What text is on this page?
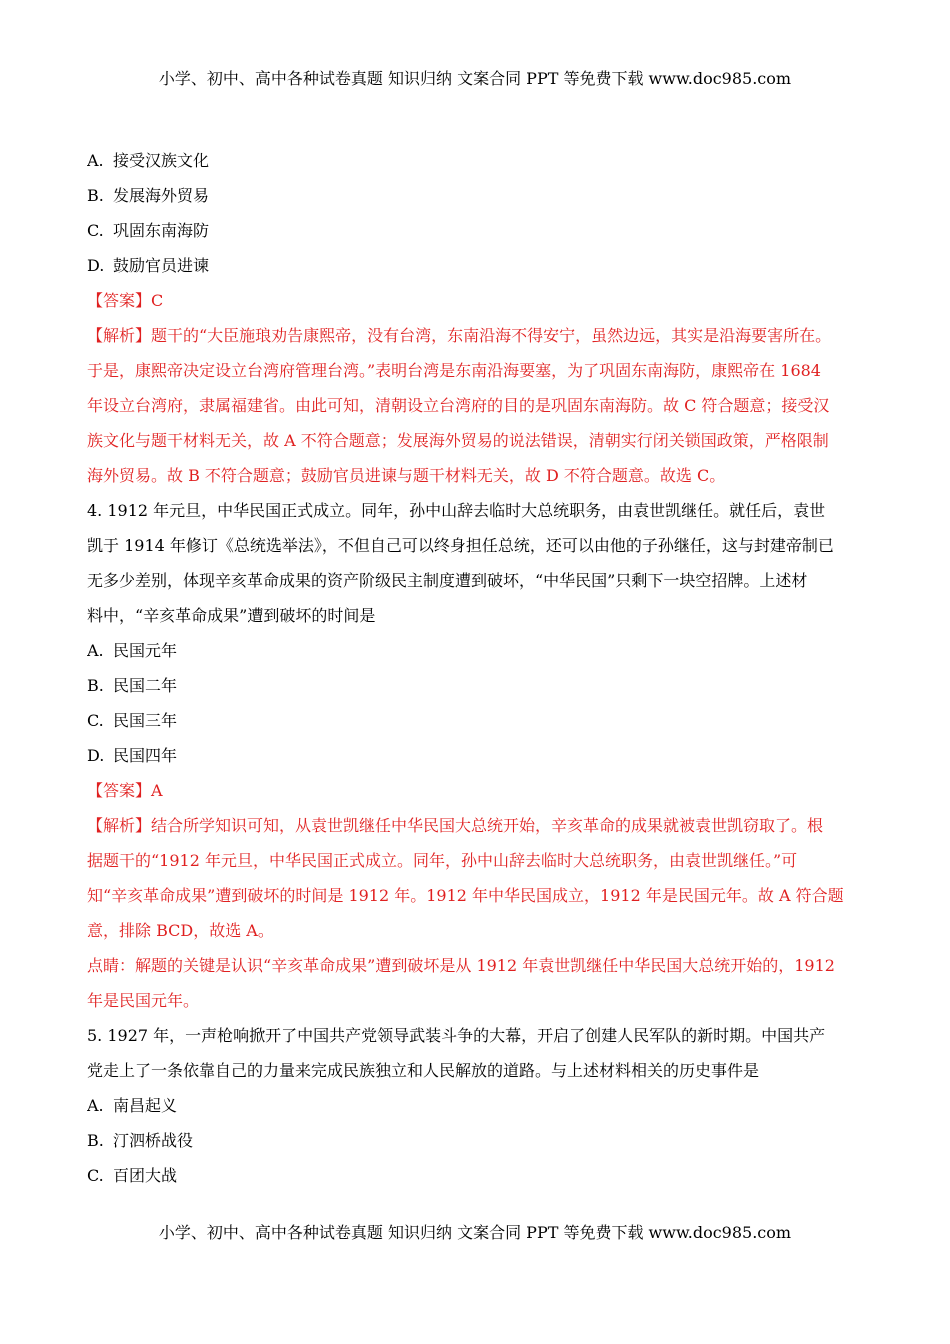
小学、初中、高中各种试卷真题 知识归纳 文案合同 PPT 等免费下载 www.doc985.com
A. 接受汉族文化
B. 发展海外贸易
C. 巩固东南海防
D. 鼓励官员进谏
【答案】C
【解析】题干的“大臣施琅劝告康熙帝，没有台湾，东南沿海不得安宁，虽然边远，其实是沿海要害所在。
于是，康熙帝决定设立台湾府管理台湾。”表明台湾是东南沿海要塞，为了巩固东南海防，康熙帝在 1684
年设立台湾府，隶属福建省。由此可知，清朝设立台湾府的目的是巩固东南海防。故 C 符合题意；接受汉
族文化与题干材料无关，故 A 不符合题意；发展海外贸易的说法错误，清朝实行闭关锁国政策，严格限制
海外贸易。故 B 不符合题意；鼓励官员进谏与题干材料无关，故 D 不符合题意。故选 C。
4. 1912 年元旦，中华民国正式成立。同年，孙中山辞去临时大总统职务，由袁世凯继任。就任后，袁世
凯于 1914 年修订《总统选举法》，不但自己可以终身担任总统，还可以由他的子孙继任，这与封建帝制已
无多少差别，体现辛亥革命成果的资产阶级民主制度遭到破坏，“中华民国”只剩下一块空招牌。上述材
料中，“辛亥革命成果”遭到破坏的时间是
A. 民国元年
B. 民国二年
C. 民国三年
D. 民国四年
【答案】A
【解析】结合所学知识可知，从袁世凯继任中华民国大总统开始，辛亥革命的成果就被袁世凯窃取了。根
据题干的“1912 年元旦，中华民国正式成立。同年，孙中山辞去临时大总统职务，由袁世凯继任。”可
知“辛亥革命成果”遭到破坏的时间是 1912 年。1912 年中华民国成立，1912 年是民国元年。故 A 符合题
意，排除 BCD，故选 A。
点睛：解题的关键是认识“辛亥革命成果”遭到破坏是从 1912 年袁世凯继任中华民国大总统开始的，1912
年是民国元年。
5. 1927 年，一声枪响掀开了中国共产党领导武装斗争的大幕，开启了创建人民军队的新时期。中国共产
党走上了一条依靠自己的力量来完成民族独立和人民解放的道路。与上述材料相关的历史事件是
A. 南昌起义
B. 汀泗桥战役
C. 百团大战
小学、初中、高中各种试卷真题 知识归纳 文案合同 PPT 等免费下载 www.doc985.com
